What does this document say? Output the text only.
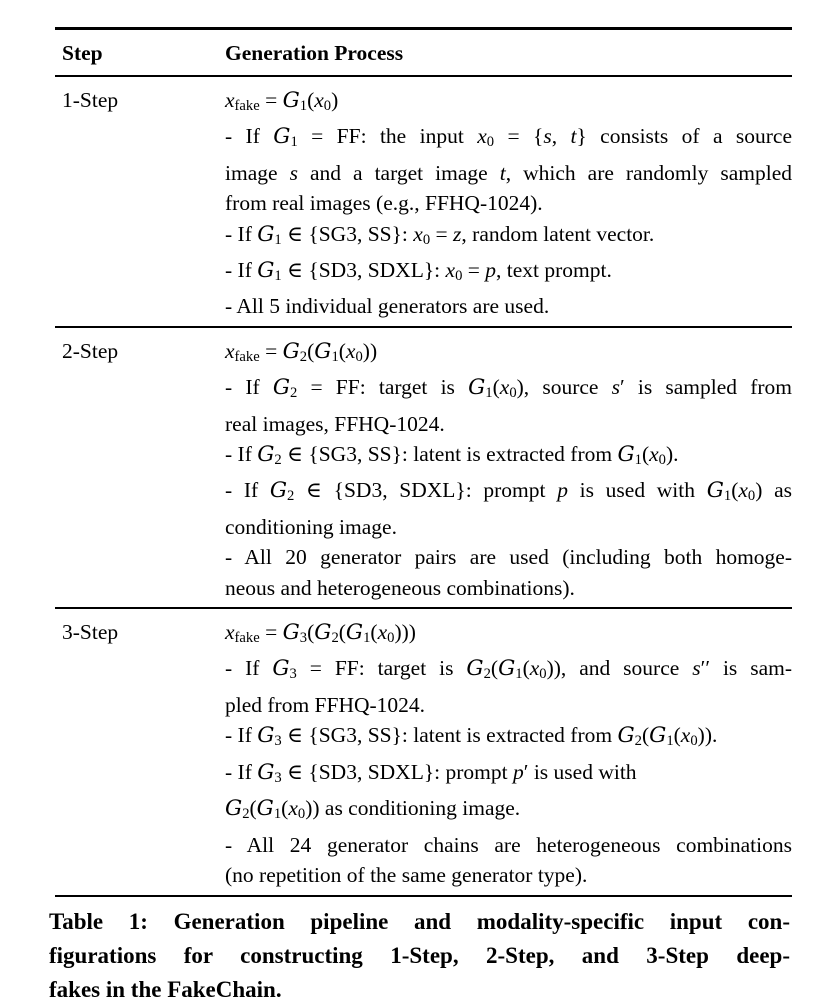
Step	Generation Process
1-Step	$x_{fake} = G_1(x_0)$
- If $G_1$ = FF: the input $x_0 = \{s$, t} consists of a source
image s and a target image t, which are randomly sampled
from real images (e.g., FFHQ-1024).
- If $G_1$ ∈ {SG3, SS}: $x_0 = z$, random latent vector.
- If $G_1$ ∈ {SD3, SDXL}: $x_0 = p$, text prompt.
- All 5 individual generators are used.
2-Step	$x_{fake} = G_2(G_1(x_0))$
- If $G_2$ = FF: target is $G_1(x_0)$, source s′ is sampled from
real images, FFHQ-1024.
- If $G_2$ ∈ {SG3, SS}: latent is extracted from $G_1(x_0)$.
- If $G_2$ ∈ {SD3, SDXL}: prompt p is used with $G_1(x_0)$ as
conditioning image.
- All 20 generator pairs are used (including both homoge-
neous and heterogeneous combinations).
3-Step	$x_{fake} = G_3(G_2(G_1(x_0)))$
- If $G_3$ = FF: target is $G_2(G_1(x_0))$, and source s′′ is sam-
pled from FFHQ-1024.
- If $G_3$ ∈ {SG3, SS}: latent is extracted from $G_2(G_1(x_0))$.
- If $G_3$ ∈ {SD3, SDXL}: prompt p′ is used with
$G_2(G_1(x_0))$ as conditioning image.
- All 24 generator chains are heterogeneous combinations
(no repetition of the same generator type).
Table 1: Generation pipeline and modality-specific input con-
figurations for constructing 1-Step, 2-Step, and 3-Step deep-
fakes in the FakeChain.
